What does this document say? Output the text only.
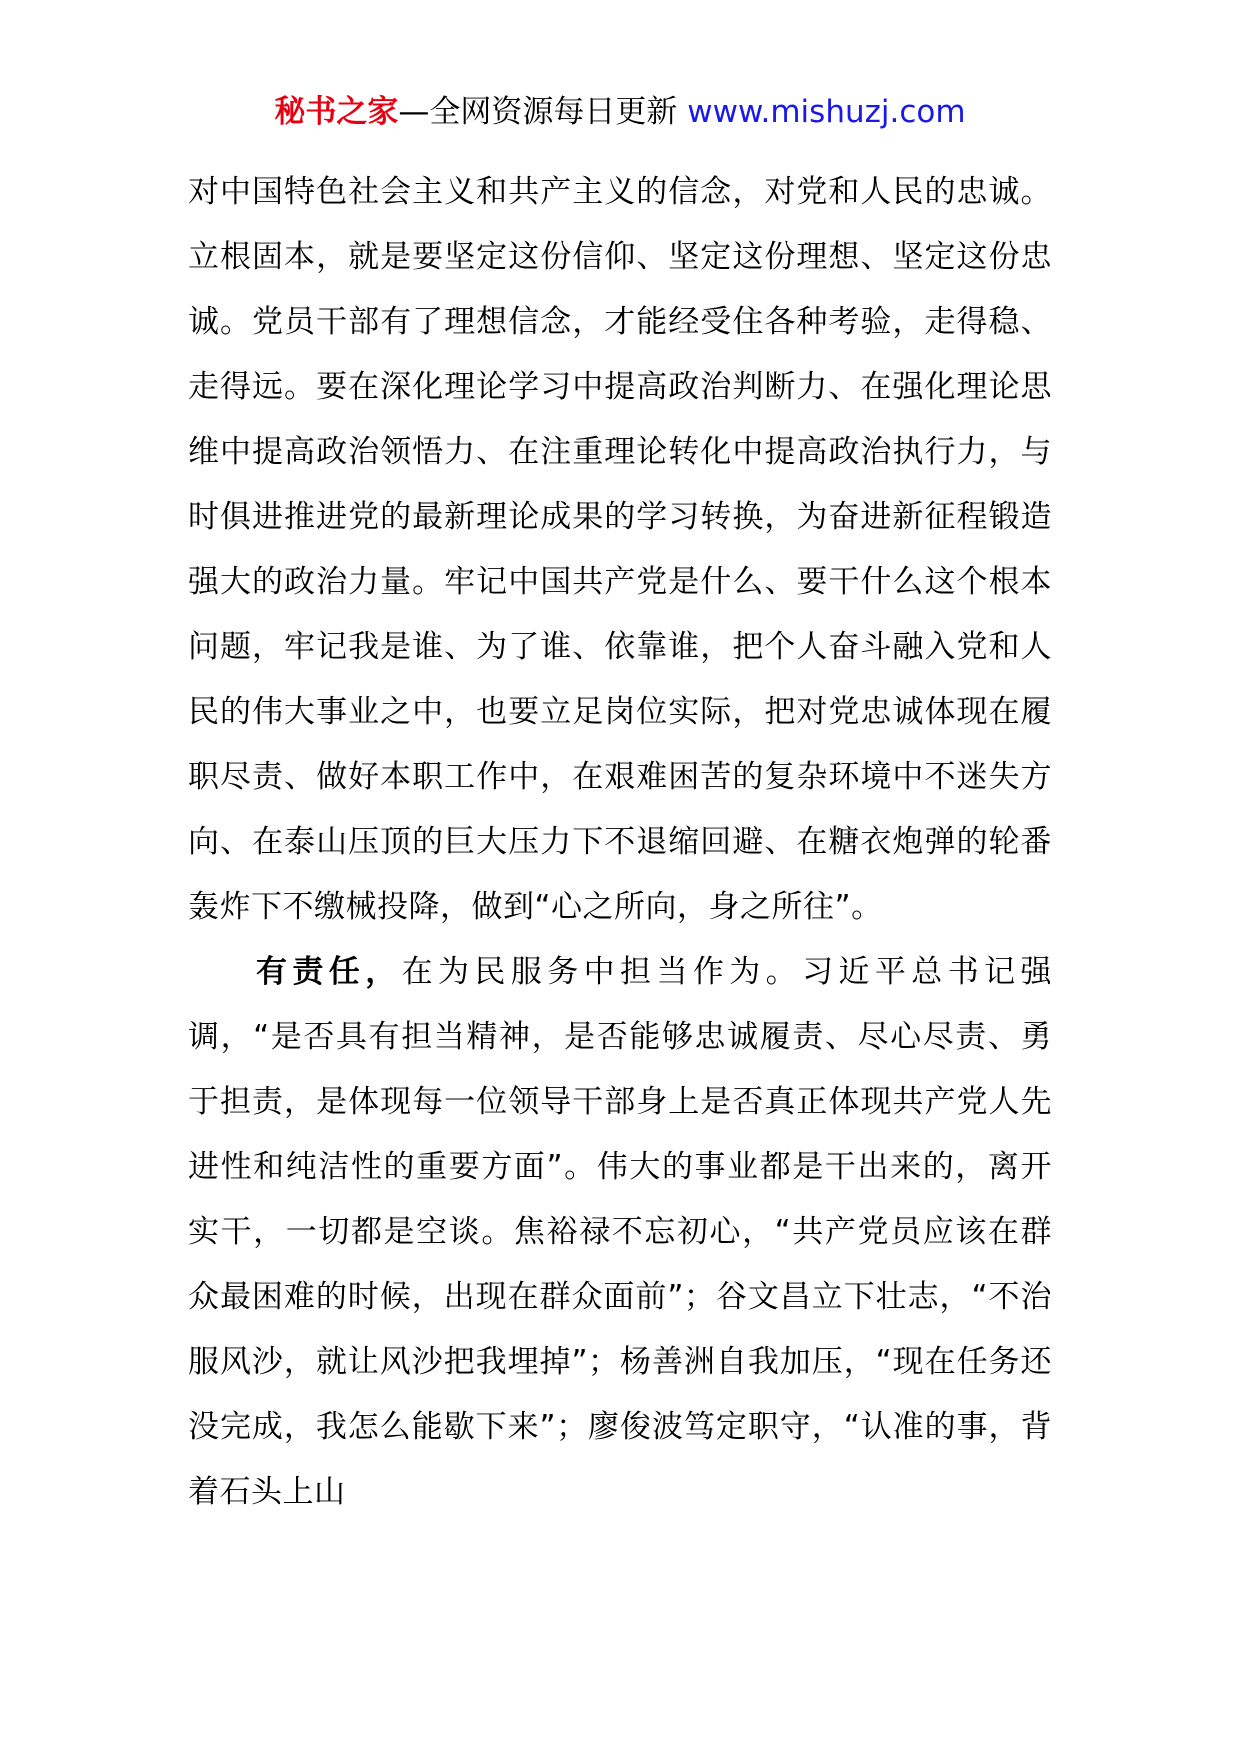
秘书之家—全网资源每日更新 www.mishuzj.com

对中国特色社会主义和共产主义的信念，对党和人民的忠诚。立根固本，就是要坚定这份信仰、坚定这份理想、坚定这份忠诚。党员干部有了理想信念，才能经受住各种考验，走得稳、走得远。要在深化理论学习中提高政治判断力、在强化理论思维中提高政治领悟力、在注重理论转化中提高政治执行力，与时俱进推进党的最新理论成果的学习转换，为奋进新征程锻造强大的政治力量。牢记中国共产党是什么、要干什么这个根本问题，牢记我是谁、为了谁、依靠谁，把个人奋斗融入党和人民的伟大事业之中，也要立足岗位实际，把对党忠诚体现在履职尽责、做好本职工作中，在艰难困苦的复杂环境中不迷失方向、在泰山压顶的巨大压力下不退缩回避、在糖衣炮弹的轮番轰炸下不缴械投降，做到“心之所向，身之所往”。

有责任，在为民服务中担当作为。习近平总书记强调，“是否具有担当精神，是否能够忠诚履责、尽心尽责、勇于担责，是体现每一位领导干部身上是否真正体现共产党人先进性和纯洁性的重要方面”。伟大的事业都是干出来的，离开实干，一切都是空谈。焦裕禄不忘初心，“共产党员应该在群众最困难的时候，出现在群众面前”；谷文昌立下壮志，“不治服风沙，就让风沙把我埋掉”；杨善洲自我加压，“现在任务还没完成，我怎么能歇下来”；廖俊波笃定职守，“认准的事，背着石头上山
